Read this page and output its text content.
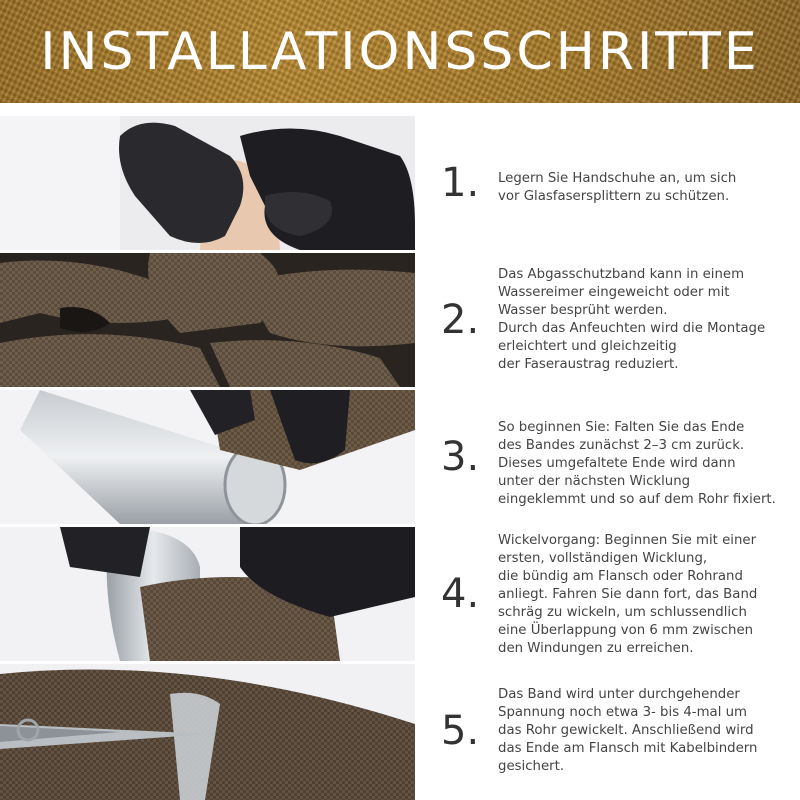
INSTALLATIONSSCHRITTE
1. Legern Sie Handschuhe an, um sich
vor Glasfasersplittern zu schützen.
2.
Das Abgasschutzband kann in einem
Wassereimer eingeweicht oder mit
Wasser besprüht werden.
Durch das Anfeuchten wird die Montage
erleichtert und gleichzeitig
der Faseraustrag reduziert.
3.
So beginnen Sie: Falten Sie das Ende
des Bandes zunächst 2–3 cm zurück.
Dieses umgefaltete Ende wird dann
unter der nächsten Wicklung
eingeklemmt und so auf dem Rohr fixiert.
4.
Wickelvorgang: Beginnen Sie mit einer
ersten, vollständigen Wicklung,
die bündig am Flansch oder Rohrand
anliegt. Fahren Sie dann fort, das Band
schräg zu wickeln, um schlussendlich
eine Überlappung von 6 mm zwischen
den Windungen zu erreichen.
5.
Das Band wird unter durchgehender
Spannung noch etwa 3- bis 4-mal um
das Rohr gewickelt. Anschließend wird
das Ende am Flansch mit Kabelbindern
gesichert.
